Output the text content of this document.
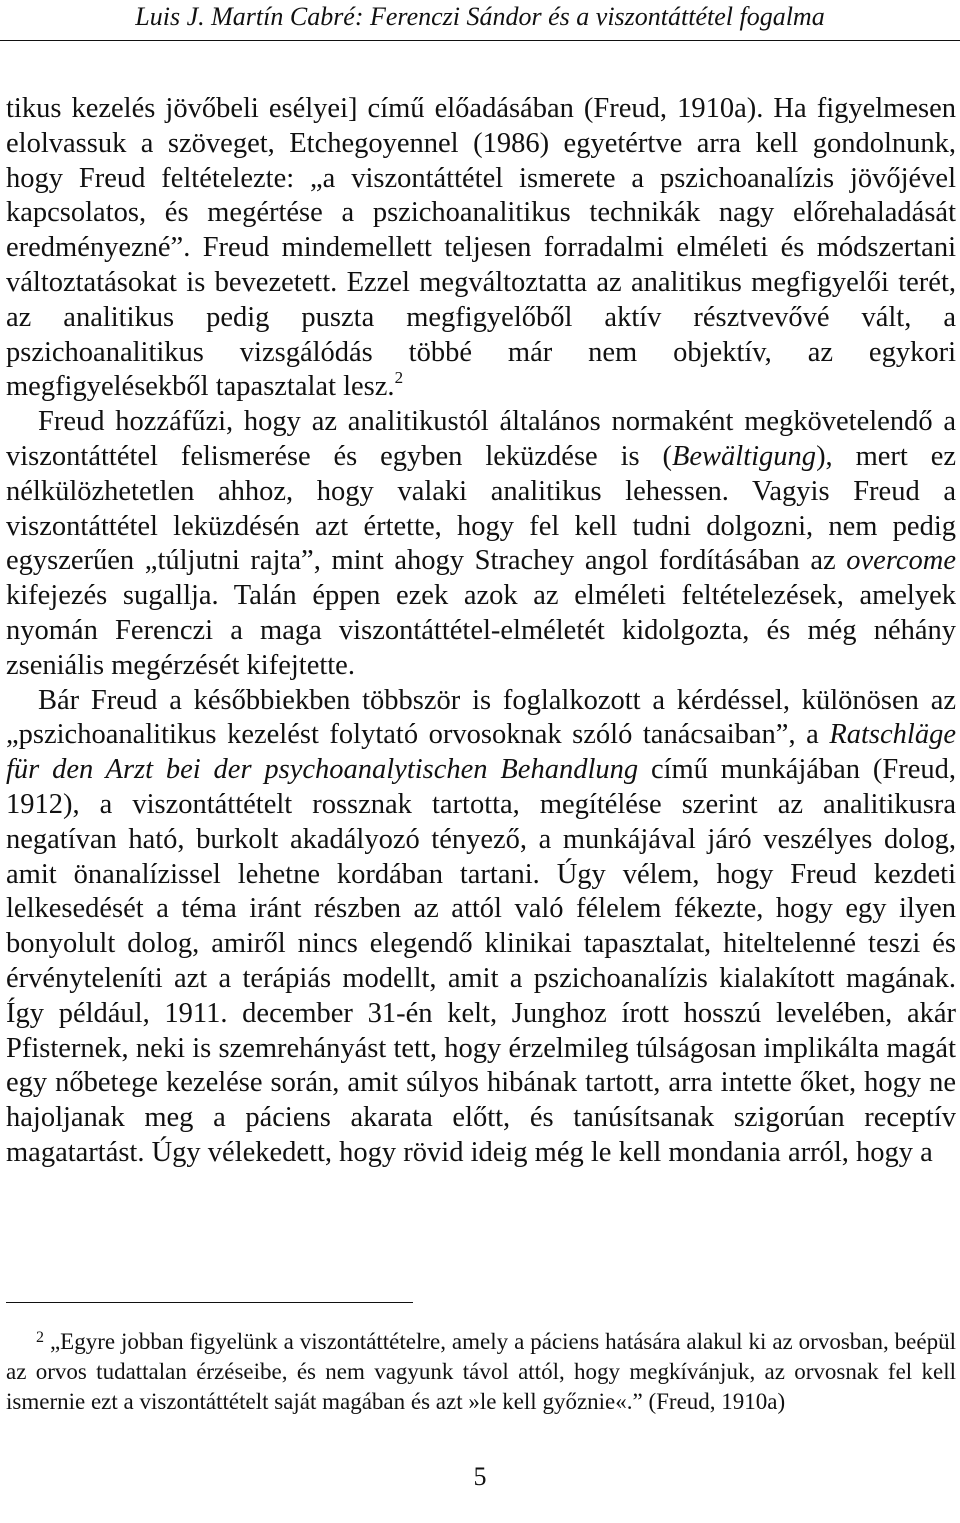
Luis J. Martín Cabré: Ferenczi Sándor és a viszontáttétel fogalma

tikus kezelés jövőbeli esélyei] című előadásában (Freud, 1910a). Ha figyelmesen elolvassuk a szöveget, Etchegoyennel (1986) egyetértve arra kell gondolnunk, hogy Freud feltételezte: „a viszontáttétel ismerete a pszichoanalízis jövőjével kapcsolatos, és megértése a pszichoanalitikus technikák nagy előrehaladását eredményezné”. Freud mindemellett teljesen forradalmi elméleti és módszertani változtatásokat is bevezetett. Ezzel megváltoztatta az analitikus megfigyelői terét, az analitikus pedig puszta megfigyelőből aktív résztvevővé vált, a pszichoanalitikus vizsgálódás többé már nem objektív, az egykori megfigyelésekből tapasztalat lesz.$^2$

Freud hozzáfűzi, hogy az analitikustól általános normaként megkövetelendő a viszontáttétel felismerése és egyben leküzdése is (Bewältigung), mert ez nélkülözhetetlen ahhoz, hogy valaki analitikus lehessen. Vagyis Freud a viszontáttétel leküzdésén azt értette, hogy fel kell tudni dolgozni, nem pedig egyszerűen „túljutni rajta”, mint ahogy Strachey angol fordításában az overcome kifejezés sugallja. Talán éppen ezek azok az elméleti feltételezések, amelyek nyomán Ferenczi a maga viszontáttétel-elméletét kidolgozta, és még néhány zseniális megérzését kifejtette.

Bár Freud a későbbiekben többször is foglalkozott a kérdéssel, különösen az „pszichoanalitikus kezelést folytató orvosoknak szóló tanácsaiban”, a Ratschläge für den Arzt bei der psychoanalytischen Behandlung című munkájában (Freud, 1912), a viszontáttételt rossznak tartotta, megítélése szerint az analitikusra negatívan ható, burkolt akadályozó tényező, a munkájával járó veszélyes dolog, amit önanalízissel lehetne kordában tartani. Úgy vélem, hogy Freud kezdeti lelkesedését a téma iránt részben az attól való félelem fékezte, hogy egy ilyen bonyolult dolog, amiről nincs elegendő klinikai tapasztalat, hiteltelenné teszi és érvényteleníti azt a terápiás modellt, amit a pszichoanalízis kialakított magának. Így például, 1911. december 31-én kelt, Junghoz írott hosszú levelében, akár Pfisternek, neki is szemrehányást tett, hogy érzelmileg túlságosan implikálta magát egy nőbetege kezelése során, amit súlyos hibának tartott, arra intette őket, hogy ne hajoljanak meg a páciens akarata előtt, és tanúsítsanak szigorúan receptív magatartást. Úgy vélekedett, hogy rövid ideig még le kell mondania arról, hogy a

$^2$ „Egyre jobban figyelünk a viszontáttételre, amely a páciens hatására alakul ki az orvosban, beépül az orvos tudattalan érzéseibe, és nem vagyunk távol attól, hogy megkívánjuk, az orvosnak fel kell ismernie ezt a viszontáttételt saját magában és azt »le kell győznie«.” (Freud, 1910a)
5
